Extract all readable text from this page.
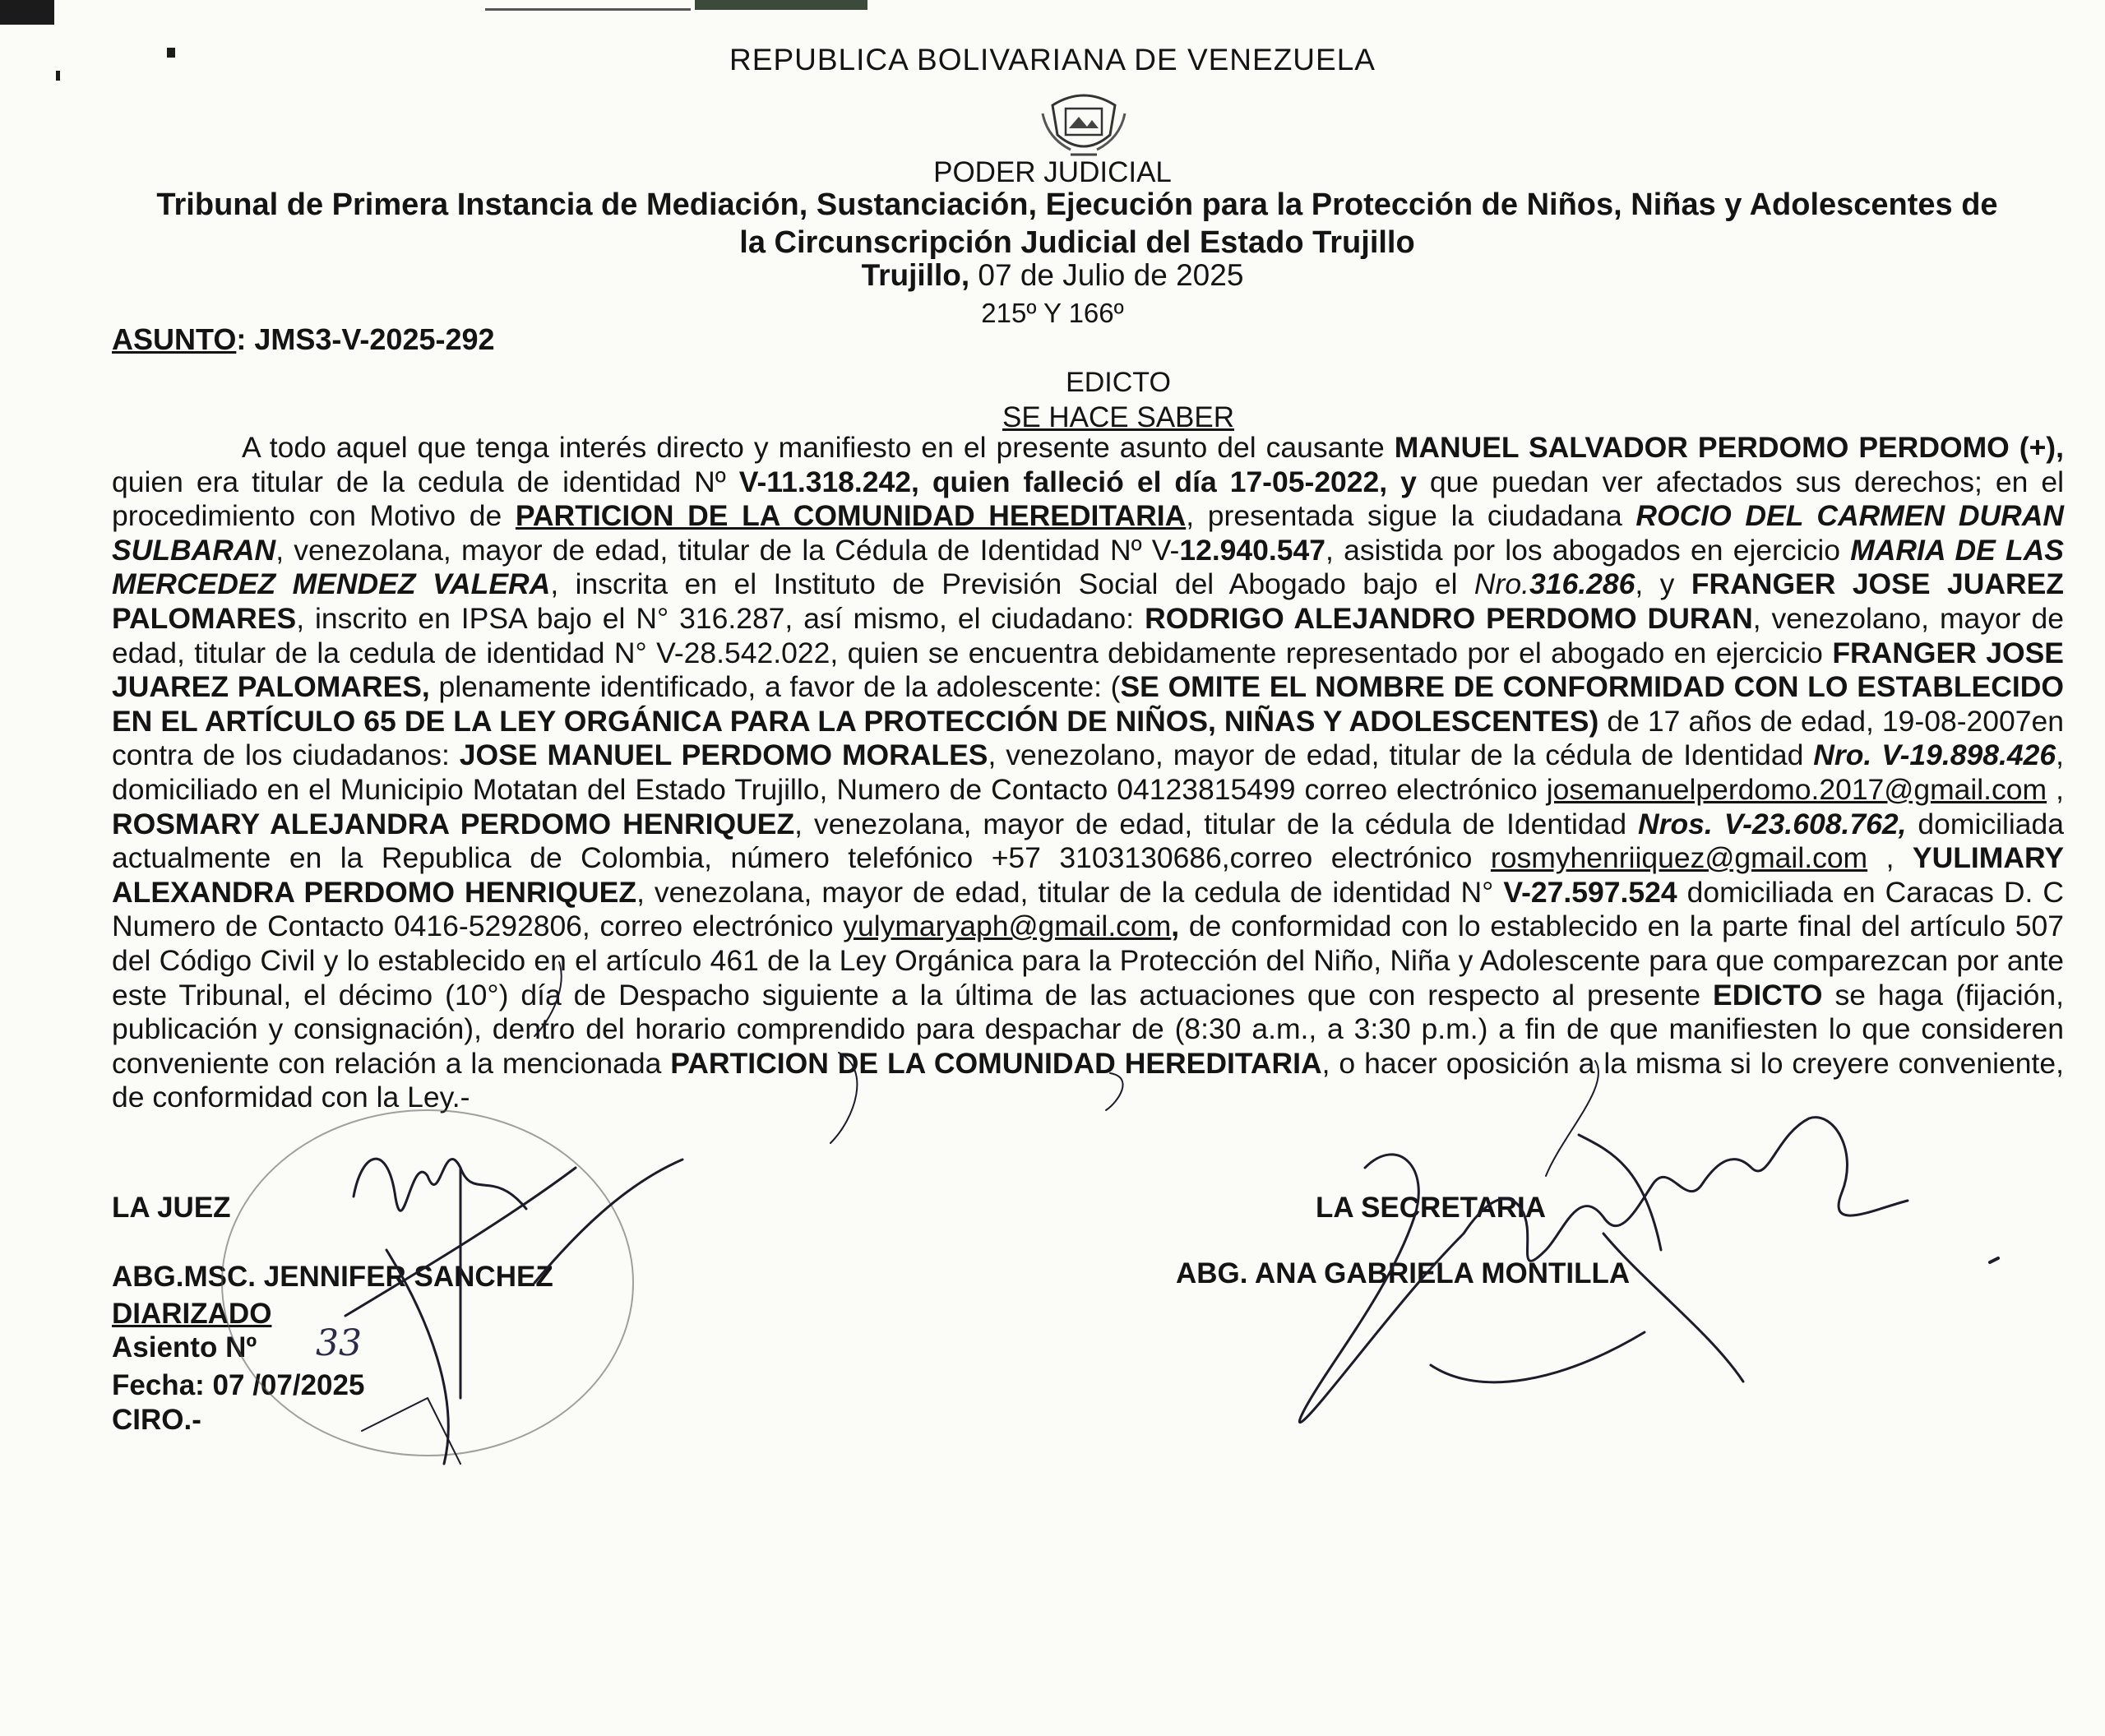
REPUBLICA BOLIVARIANA DE VENEZUELA
PODER JUDICIAL
Tribunal de Primera Instancia de Mediación, Sustanciación, Ejecución para la Protección de Niños, Niñas y Adolescentes de
la Circunscripción Judicial del Estado Trujillo
Trujillo, 07 de Julio de 2025
215º Y 166º
ASUNTO: JMS3-V-2025-292
EDICTO
SE HACE SABER

A todo aquel que tenga interés directo y manifiesto en el presente asunto del causante MANUEL SALVADOR PERDOMO PERDOMO (+), quien era titular de la cedula de identidad Nº V-11.318.242, quien falleció el día 17-05-2022, y que puedan ver afectados sus derechos; en el procedimiento con Motivo de PARTICION DE LA COMUNIDAD HEREDITARIA, presentada sigue la ciudadana ROCIO DEL CARMEN DURAN SULBARAN, venezolana, mayor de edad, titular de la Cédula de Identidad Nº V-12.940.547, asistida por los abogados en ejercicio MARIA DE LAS MERCEDEZ MENDEZ VALERA, inscrita en el Instituto de Previsión Social del Abogado bajo el Nro.316.286, y FRANGER JOSE JUAREZ PALOMARES, inscrito en IPSA bajo el N° 316.287, así mismo, el ciudadano: RODRIGO ALEJANDRO PERDOMO DURAN, venezolano, mayor de edad, titular de la cedula de identidad N° V-28.542.022, quien se encuentra debidamente representado por el abogado en ejercicio FRANGER JOSE JUAREZ PALOMARES, plenamente identificado, a favor de la adolescente: (SE OMITE EL NOMBRE DE CONFORMIDAD CON LO ESTABLECIDO EN EL ARTÍCULO 65 DE LA LEY ORGÁNICA PARA LA PROTECCIÓN DE NIÑOS, NIÑAS Y ADOLESCENTES) de 17 años de edad, 19-08-2007en contra de los ciudadanos: JOSE MANUEL PERDOMO MORALES, venezolano, mayor de edad, titular de la cédula de Identidad Nro. V-19.898.426, domiciliado en el Municipio Motatan del Estado Trujillo, Numero de Contacto 04123815499 correo electrónico josemanuelperdomo.2017@gmail.com , ROSMARY ALEJANDRA PERDOMO HENRIQUEZ, venezolana, mayor de edad, titular de la cédula de Identidad Nros. V-23.608.762, domiciliada actualmente en la Republica de Colombia, número telefónico +57 3103130686,correo electrónico rosmyhenriiquez@gmail.com , YULIMARY ALEXANDRA PERDOMO HENRIQUEZ, venezolana, mayor de edad, titular de la cedula de identidad N° V-27.597.524 domiciliada en Caracas D. C Numero de Contacto 0416-5292806, correo electrónico yulymaryaph@gmail.com, de conformidad con lo establecido en la parte final del artículo 507 del Código Civil y lo establecido en el artículo 461 de la Ley Orgánica para la Protección del Niño, Niña y Adolescente para que comparezcan por ante este Tribunal, el décimo (10°) día de Despacho siguiente a la última de las actuaciones que con respecto al presente EDICTO se haga (fijación, publicación y consignación), dentro del horario comprendido para despachar de (8:30 a.m., a 3:30 p.m.) a fin de que manifiesten lo que consideren conveniente con relación a la mencionada PARTICION DE LA COMUNIDAD HEREDITARIA, o hacer oposición a la misma si lo creyere conveniente, de conformidad con la Ley.-

LA JUEZ	LA SECRETARIA
ABG.MSC. JENNIFER SANCHEZ	ABG. ANA GABRIELA MONTILLA
DIARIZADO
Asiento Nº 33
Fecha: 07 /07/2025
CIRO.-
